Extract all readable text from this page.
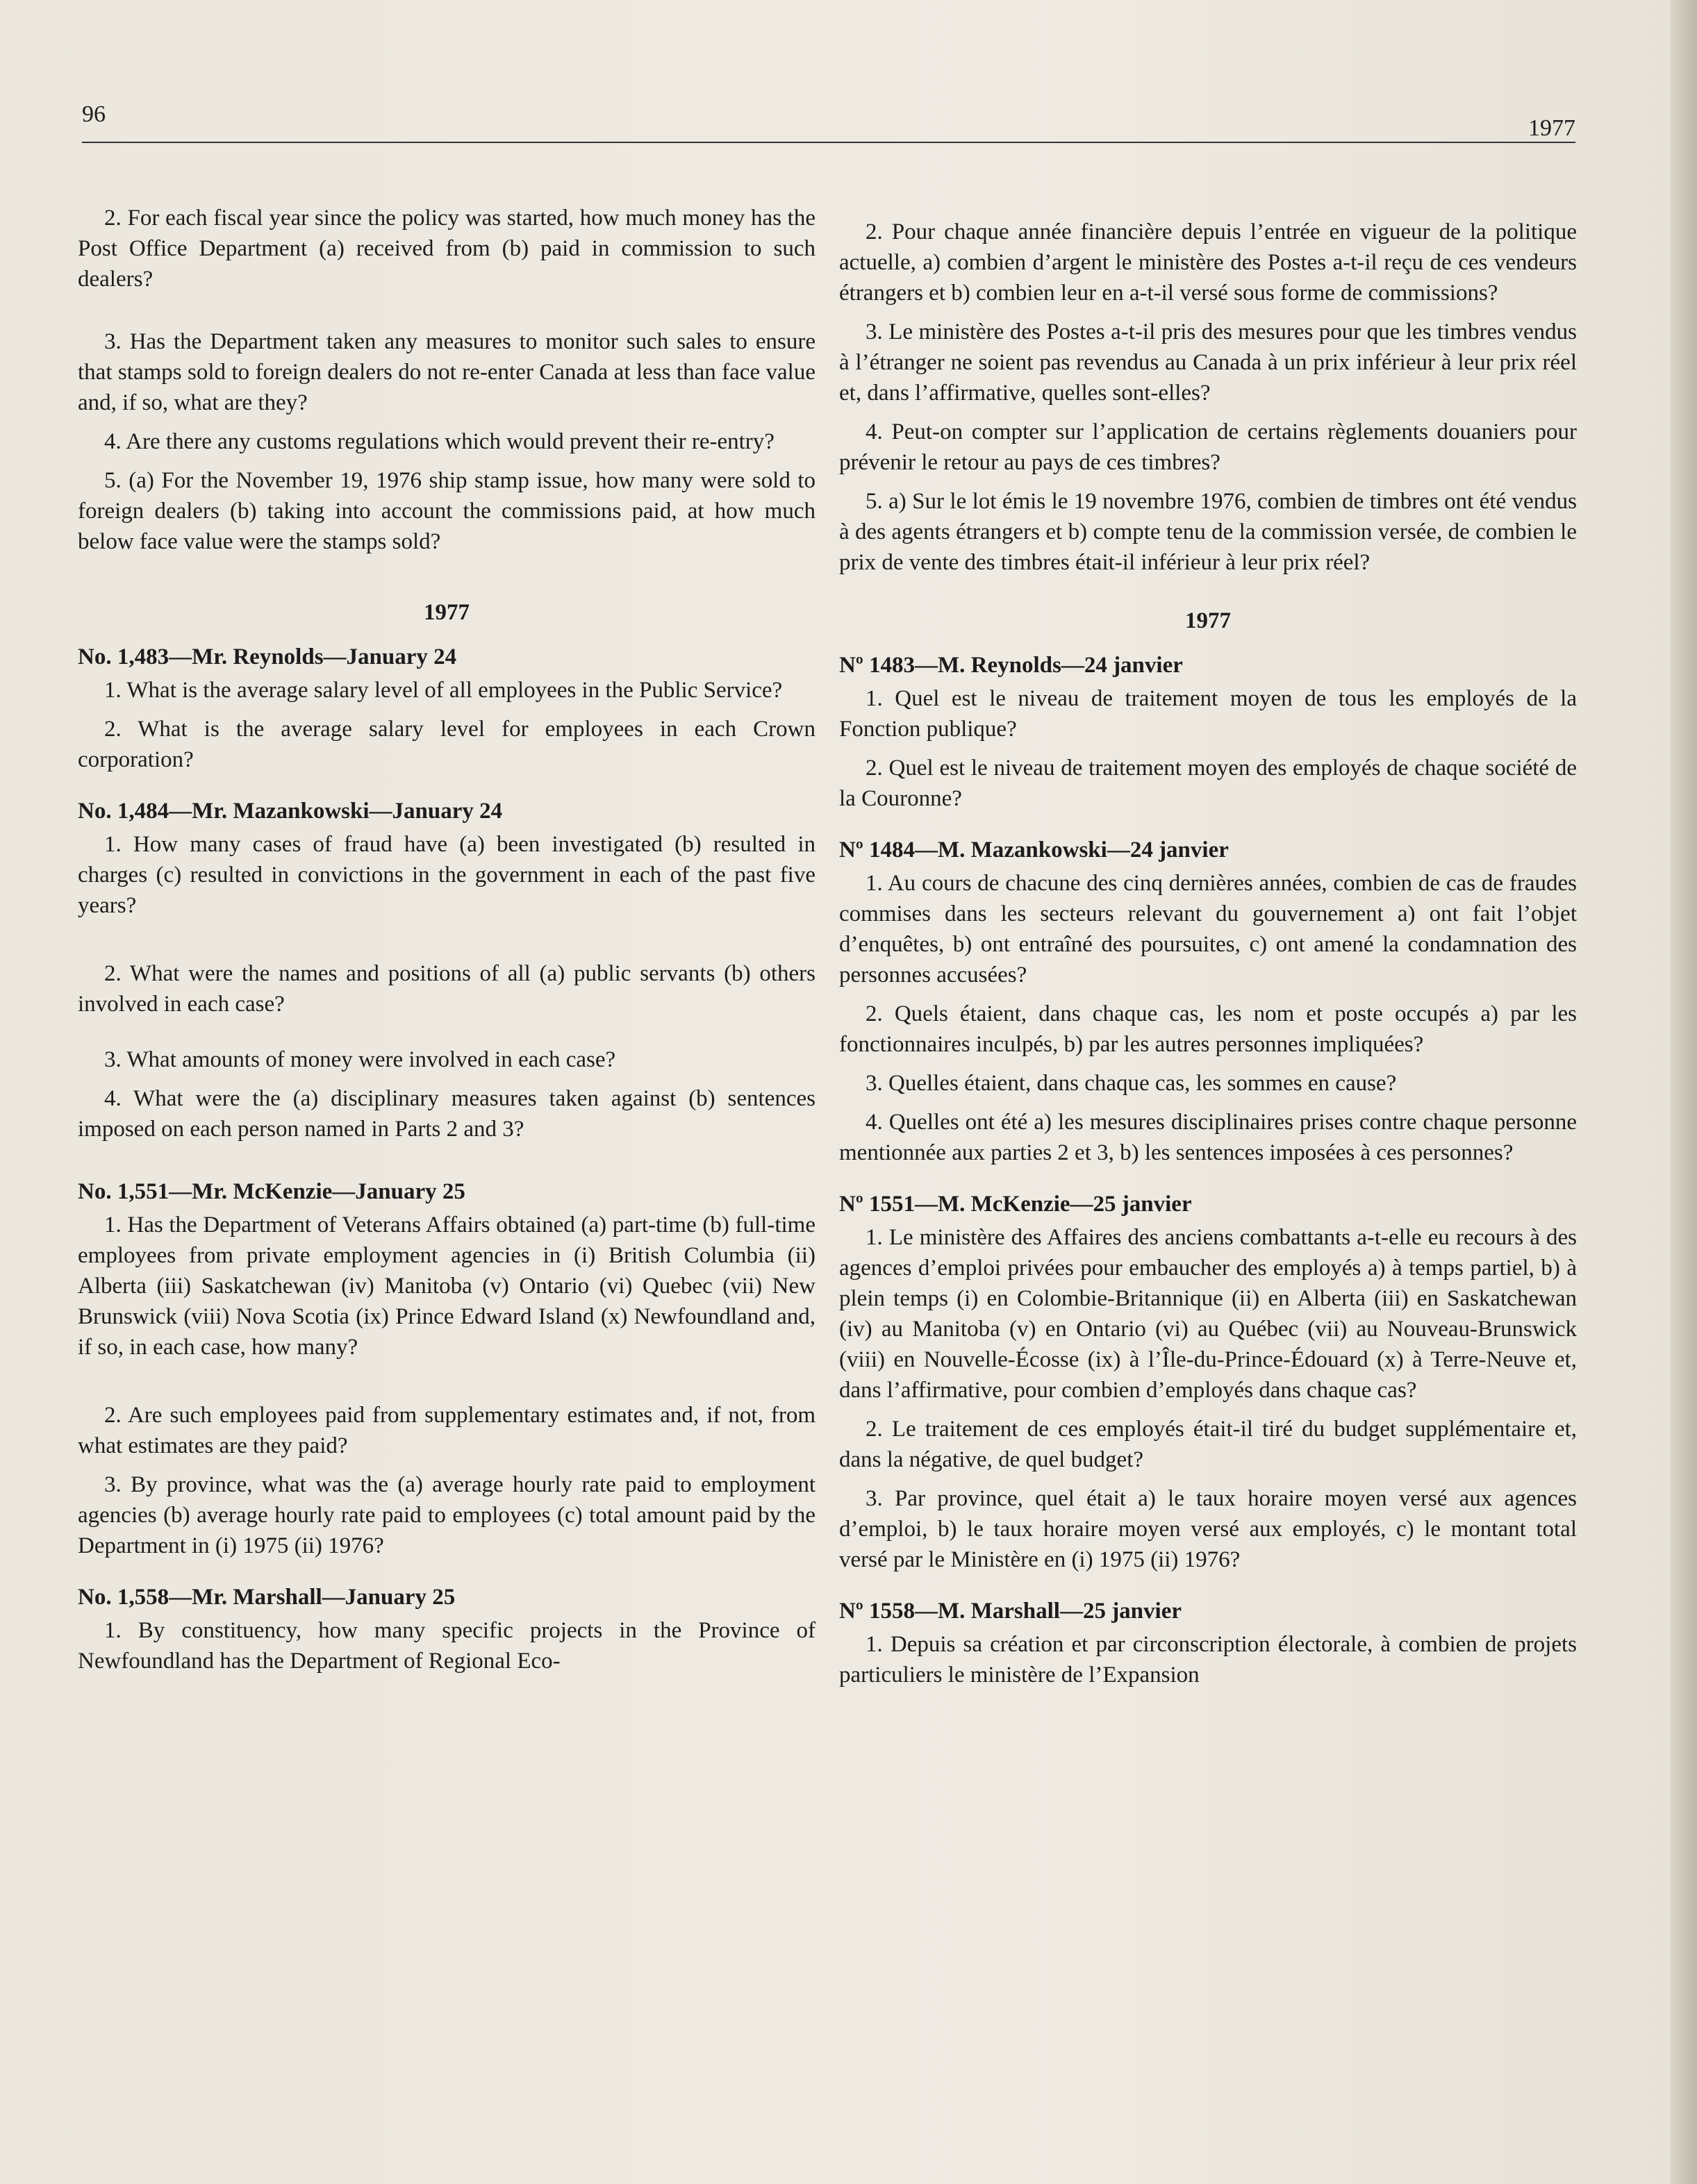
96
1977

2. For each fiscal year since the policy was started, how much money has the Post Office Department (a) received from (b) paid in commission to such dealers?

3. Has the Department taken any measures to monitor such sales to ensure that stamps sold to foreign dealers do not re-enter Canada at less than face value and, if so, what are they?

4. Are there any customs regulations which would prevent their re-entry?

5. (a) For the November 19, 1976 ship stamp issue, how many were sold to foreign dealers (b) taking into account the commissions paid, at how much below face value were the stamps sold?

1977

No. 1,483—Mr. Reynolds—January 24

1. What is the average salary level of all employees in the Public Service?

2. What is the average salary level for employees in each Crown corporation?

No. 1,484—Mr. Mazankowski—January 24

1. How many cases of fraud have (a) been investigated (b) resulted in charges (c) resulted in convictions in the government in each of the past five years?

2. What were the names and positions of all (a) public servants (b) others involved in each case?

3. What amounts of money were involved in each case?

4. What were the (a) disciplinary measures taken against (b) sentences imposed on each person named in Parts 2 and 3?

No. 1,551—Mr. McKenzie—January 25

1. Has the Department of Veterans Affairs obtained (a) part-time (b) full-time employees from private employment agencies in (i) British Columbia (ii) Alberta (iii) Saskatchewan (iv) Manitoba (v) Ontario (vi) Quebec (vii) New Brunswick (viii) Nova Scotia (ix) Prince Edward Island (x) Newfoundland and, if so, in each case, how many?

2. Are such employees paid from supplementary estimates and, if not, from what estimates are they paid?

3. By province, what was the (a) average hourly rate paid to employment agencies (b) average hourly rate paid to employees (c) total amount paid by the Department in (i) 1975 (ii) 1976?

No. 1,558—Mr. Marshall—January 25

1. By constituency, how many specific projects in the Province of Newfoundland has the Department of Regional Eco-

2. Pour chaque année financière depuis l’entrée en vigueur de la politique actuelle, a) combien d’argent le ministère des Postes a-t-il reçu de ces vendeurs étrangers et b) combien leur en a-t-il versé sous forme de commissions?

3. Le ministère des Postes a-t-il pris des mesures pour que les timbres vendus à l’étranger ne soient pas revendus au Canada à un prix inférieur à leur prix réel et, dans l’affirmative, quelles sont-elles?

4. Peut-on compter sur l’application de certains règlements douaniers pour prévenir le retour au pays de ces timbres?

5. a) Sur le lot émis le 19 novembre 1976, combien de timbres ont été vendus à des agents étrangers et b) compte tenu de la commission versée, de combien le prix de vente des timbres était-il inférieur à leur prix réel?

1977

Nº 1483—M. Reynolds—24 janvier

1. Quel est le niveau de traitement moyen de tous les employés de la Fonction publique?

2. Quel est le niveau de traitement moyen des employés de chaque société de la Couronne?

Nº 1484—M. Mazankowski—24 janvier

1. Au cours de chacune des cinq dernières années, combien de cas de fraudes commises dans les secteurs relevant du gouvernement a) ont fait l’objet d’enquêtes, b) ont entraîné des poursuites, c) ont amené la condamnation des personnes accusées?

2. Quels étaient, dans chaque cas, les nom et poste occupés a) par les fonctionnaires inculpés, b) par les autres personnes impliquées?

3. Quelles étaient, dans chaque cas, les sommes en cause?

4. Quelles ont été a) les mesures disciplinaires prises contre chaque personne mentionnée aux parties 2 et 3, b) les sentences imposées à ces personnes?

Nº 1551—M. McKenzie—25 janvier

1. Le ministère des Affaires des anciens combattants a-t-elle eu recours à des agences d’emploi privées pour embaucher des employés a) à temps partiel, b) à plein temps (i) en Colombie-Britannique (ii) en Alberta (iii) en Saskatchewan (iv) au Manitoba (v) en Ontario (vi) au Québec (vii) au Nouveau-Brunswick (viii) en Nouvelle-Écosse (ix) à l’Île-du-Prince-Édouard (x) à Terre-Neuve et, dans l’affirmative, pour combien d’employés dans chaque cas?

2. Le traitement de ces employés était-il tiré du budget supplémentaire et, dans la négative, de quel budget?

3. Par province, quel était a) le taux horaire moyen versé aux agences d’emploi, b) le taux horaire moyen versé aux employés, c) le montant total versé par le Ministère en (i) 1975 (ii) 1976?

Nº 1558—M. Marshall—25 janvier

1. Depuis sa création et par circonscription électorale, à combien de projets particuliers le ministère de l’Expansion
